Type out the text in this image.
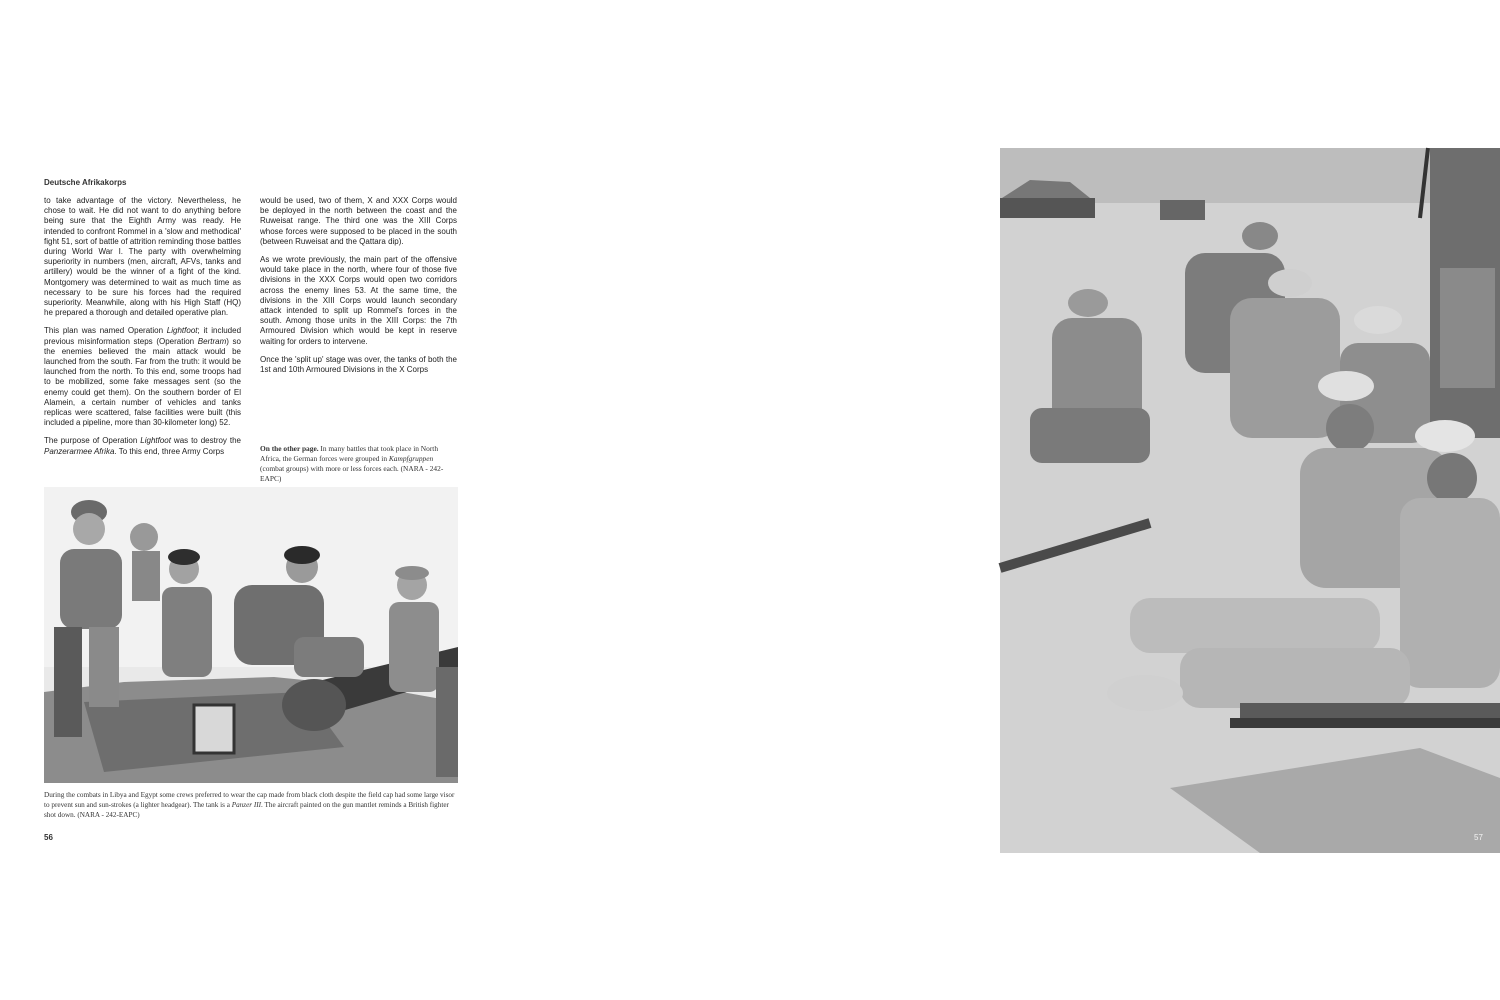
Deutsche Afrikakorps

to take advantage of the victory. Nevertheless, he chose to wait. He did not want to do anything before being sure that the Eighth Army was ready. He intended to confront Rommel in a 'slow and methodical' fight 51, sort of battle of attrition reminding those battles during World War I. The party with overwhelming superiority in numbers (men, aircraft, AFVs, tanks and artillery) would be the winner of a fight of the kind. Montgomery was determined to wait as much time as necessary to be sure his forces had the required superiority. Meanwhile, along with his High Staff (HQ) he prepared a thorough and detailed operative plan.

This plan was named Operation Lightfoot; it included previous misinformation steps (Operation Bertram) so the enemies believed the main attack would be launched from the south. Far from the truth: it would be launched from the north. To this end, some troops had to be mobilized, some fake messages sent (so the enemy could get them). On the southern border of El Alamein, a certain number of vehicles and tanks replicas were scattered, false facilities were built (this included a pipeline, more than 30-kilometer long) 52.

The purpose of Operation Lightfoot was to destroy the Panzerarmee Afrika. To this end, three Army Corps

would be used, two of them, X and XXX Corps would be deployed in the north between the coast and the Ruweisat range. The third one was the XIII Corps whose forces were supposed to be placed in the south (between Ruweisat and the Qattara dip).

As we wrote previously, the main part of the offensive would take place in the north, where four of those five divisions in the XXX Corps would open two corridors across the enemy lines 53. At the same time, the divisions in the XIII Corps would launch secondary attack intended to split up Rommel's forces in the south. Among those units in the XIII Corps: the 7th Armoured Division which would be kept in reserve waiting for orders to intervene.

Once the 'split up' stage was over, the tanks of both the 1st and 10th Armoured Divisions in the X Corps

On the other page. In many battles that took place in North Africa, the German forces were grouped in Kampfgruppen (combat groups) with more or less forces each. (NARA - 242-EAPC)
During the combats in Libya and Egypt some crews preferred to wear the cap made from black cloth despite the field cap had some large visor to prevent sun and sun-strokes (a lighter headgear). The tank is a Panzer III. The aircraft painted on the gun mantlet reminds a British fighter shot down. (NARA - 242-EAPC)
56	57
